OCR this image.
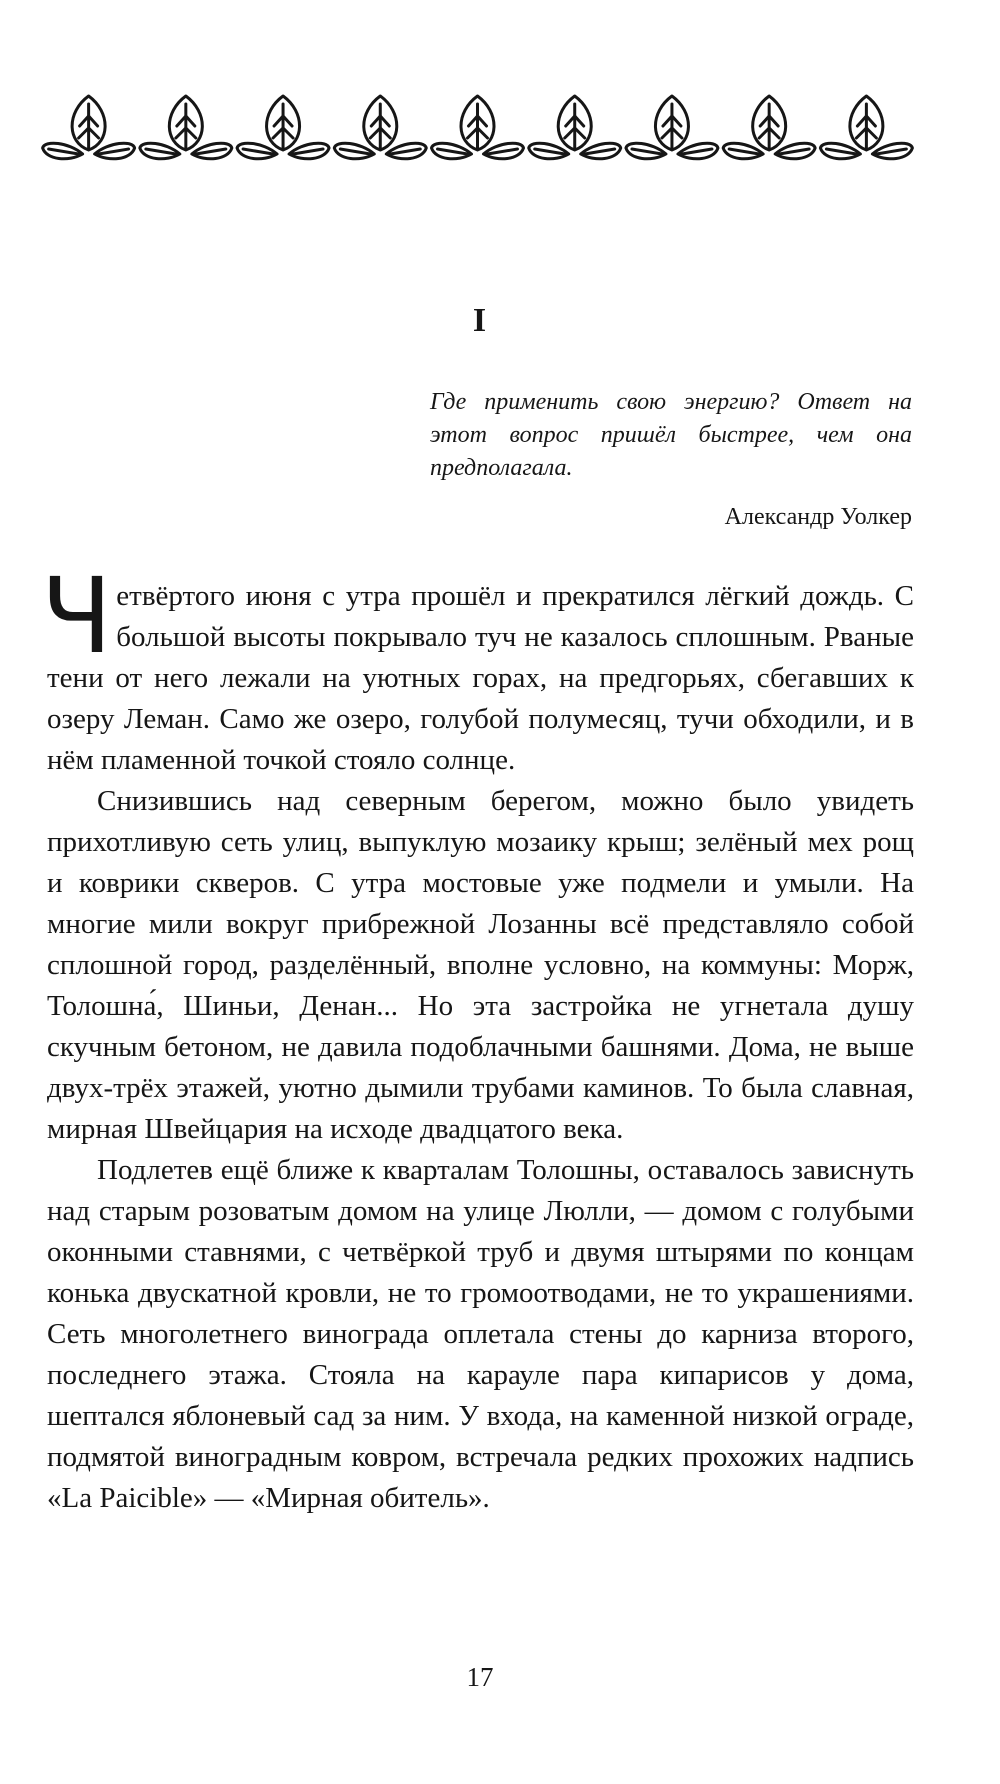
I
Где применить свою энергию? Ответ на этот вопрос пришёл быстрее, чем она предполагала.
Александр Уолкер

Четвёртого июня с утра прошёл и прекратился лёгкий дождь. С большой высоты покрывало туч не казалось сплошным. Рваные тени от него лежали на уютных горах, на предгорьях, сбегавших к озеру Леман. Само же озеро, голубой полумесяц, тучи обходили, и в нём пламенной точкой стояло солнце.

Снизившись над северным берегом, можно было увидеть прихотливую сеть улиц, выпуклую мозаику крыш; зелёный мех рощ и коврики скверов. С утра мостовые уже подмели и умыли. На многие мили вокруг прибрежной Лозанны всё представляло собой сплошной город, разделённый, вполне условно, на коммуны: Морж, Толошна́, Шиньи, Денан... Но эта застройка не угнетала душу скучным бетоном, не давила подоблачными башнями. Дома, не выше двух-трёх этажей, уютно дымили трубами каминов. То была славная, мирная Швейцария на исходе двадцатого века.

Подлетев ещё ближе к кварталам Толошны, оставалось зависнуть над старым розоватым домом на улице Люлли, — домом с голубыми оконными ставнями, с четвёркой труб и двумя штырями по концам конька двускатной кровли, не то громоотводами, не то украшениями. Сеть многолетнего винограда оплетала стены до карниза второго, последнего этажа. Стояла на карауле пара кипарисов у дома, шептался яблоневый сад за ним. У входа, на каменной низкой ограде, подмятой виноградным ковром, встречала редких прохожих надпись «La Paicible» — «Мирная обитель».

17
